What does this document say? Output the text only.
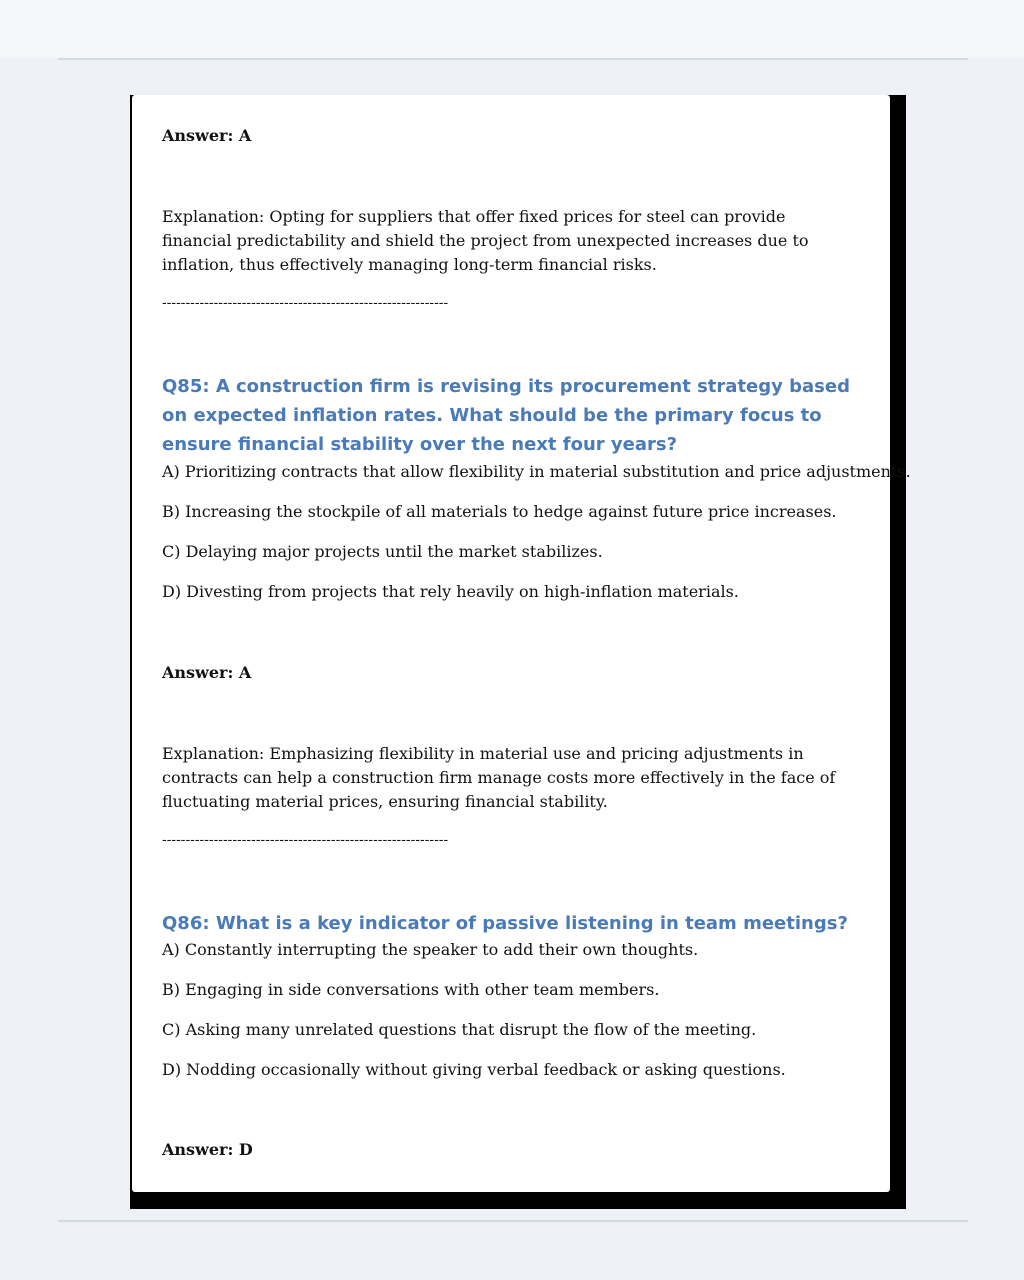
Answer: A

Explanation: Opting for suppliers that offer fixed prices for steel can provide financial predictability and shield the project from unexpected increases due to inflation, thus effectively managing long-term financial risks.

-------------------------------------------------------------

Q85: A construction firm is revising its procurement strategy based on expected inflation rates. What should be the primary focus to ensure financial stability over the next four years?

A) Prioritizing contracts that allow flexibility in material substitution and price adjustments.

B) Increasing the stockpile of all materials to hedge against future price increases.

C) Delaying major projects until the market stabilizes.

D) Divesting from projects that rely heavily on high-inflation materials.

Answer: A

Explanation: Emphasizing flexibility in material use and pricing adjustments in contracts can help a construction firm manage costs more effectively in the face of fluctuating material prices, ensuring financial stability.

-------------------------------------------------------------

Q86: What is a key indicator of passive listening in team meetings?

A) Constantly interrupting the speaker to add their own thoughts.

B) Engaging in side conversations with other team members.

C) Asking many unrelated questions that disrupt the flow of the meeting.

D) Nodding occasionally without giving verbal feedback or asking questions.

Answer: D
